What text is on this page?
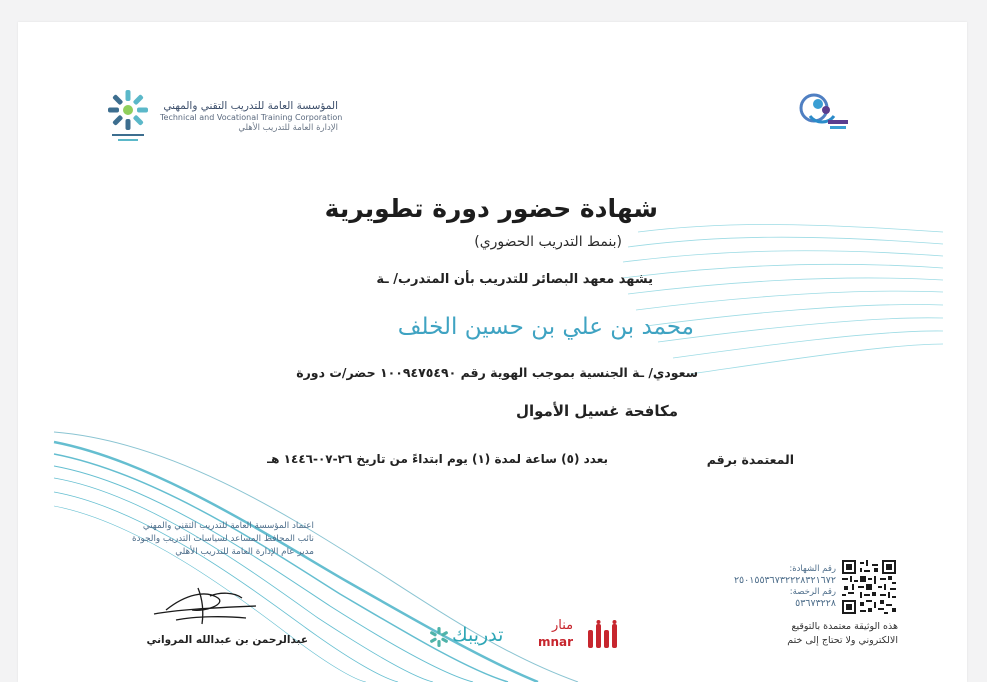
المؤسسة العامة للتدريب التقني والمهني
Technical and Vocational Training Corporation
الإدارة العامة للتدريب الأهلي
شهادة حضور دورة تطويرية
(بنمط التدريب الحضوري)
يشهد معهد البصائر للتدريب بأن المتدرب/ ـة
محمد بن علي بن حسين الخلف
سعودي/ ـة الجنسية بموجب الهوية رقم ١٠٠٩٤٧٥٤٩٠ حضر/ت دورة
مكافحة غسيل الأموال
المعتمدة برقم
بعدد (٥) ساعة لمدة (١) يوم ابتداءً من تاريخ ٢٦-٠٧-١٤٤٦ هـ
اعتماد المؤسسة العامة للتدريب التقني والمهني
نائب المحافظ المساعد لسياسات التدريب والجودة
مدير عام الإدارة العامة للتدريب الأهلي
عبدالرحمن بن عبدالله المرواني	تدريبك	منار
mnar
رقم الشهادة:
٢٥٠١٥٥٣٦٧٣٢٢٢٨٣٢١٦٧٢
رقم الرخصة:
٥٣٦٧٣٢٢٨
هذه الوثيقة معتمدة بالتوقيع
الالكتروني ولا تحتاج إلى ختم
